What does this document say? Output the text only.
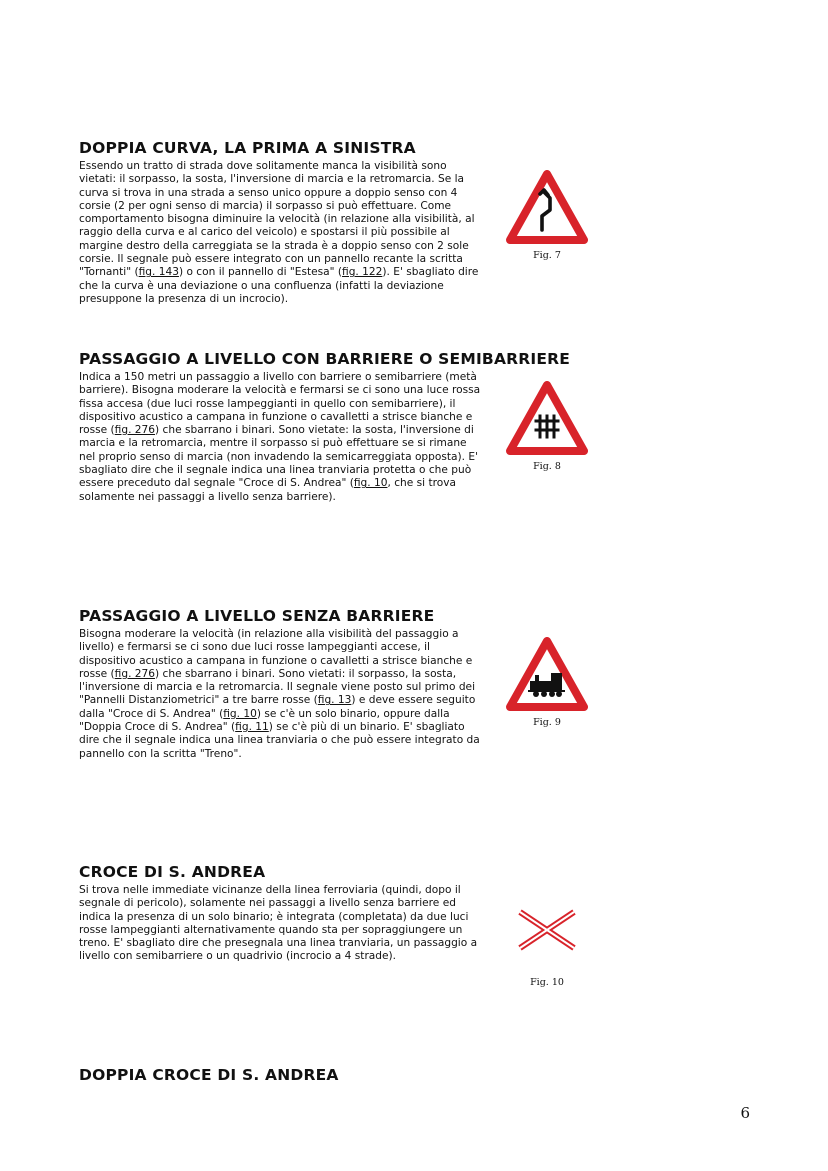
DOPPIA CURVA, LA PRIMA A SINISTRA

Essendo un tratto di strada dove solitamente manca la visibilità sono vietati: il sorpasso, la sosta, l'inversione di marcia e la retromarcia. Se la curva si trova in una strada a senso unico oppure a doppio senso con 4 corsie (2 per ogni senso di marcia) il sorpasso si può effettuare. Come comportamento bisogna diminuire la velocità (in relazione alla visibilità, al raggio della curva e al carico del veicolo) e spostarsi il più possibile al margine destro della carreggiata se la strada è a doppio senso con 2 sole corsie. Il segnale può essere integrato con un pannello recante la scritta "Tornanti" (fig. 143) o con il pannello di "Estesa" (fig. 122). E' sbagliato dire che la curva è una deviazione o una confluenza (infatti la deviazione presuppone la presenza di un incrocio).

Fig. 7
PASSAGGIO A LIVELLO CON BARRIERE O SEMIBARRIERE

Indica a 150 metri un passaggio a livello con barriere o semibarriere (metà barriere). Bisogna moderare la velocità e fermarsi se ci sono una luce rossa fissa accesa (due luci rosse lampeggianti in quello con semibarriere), il dispositivo acustico a campana in funzione o cavalletti a strisce bianche e rosse (fig. 276) che sbarrano i binari. Sono vietate: la sosta, l'inversione di marcia e la retromarcia, mentre il sorpasso si può effettuare se si rimane nel proprio senso di marcia (non invadendo la semicarreggiata opposta). E' sbagliato dire che il segnale indica una linea tranviaria protetta o che può essere preceduto dal segnale "Croce di S. Andrea" (fig. 10, che si trova solamente nei passaggi a livello senza barriere).

Fig. 8
PASSAGGIO A LIVELLO SENZA BARRIERE

Bisogna moderare la velocità (in relazione alla visibilità del passaggio a livello) e fermarsi se ci sono due luci rosse lampeggianti accese, il dispositivo acustico a campana in funzione o cavalletti a strisce bianche e rosse (fig. 276) che sbarrano i binari. Sono vietati: il sorpasso, la sosta, l'inversione di marcia e la retromarcia. Il segnale viene posto sul primo dei "Pannelli Distanziometrici" a tre barre rosse (fig. 13) e deve essere seguito dalla "Croce di S. Andrea" (fig. 10) se c'è un solo binario, oppure dalla "Doppia Croce di S. Andrea" (fig. 11) se c'è più di un binario. E' sbagliato dire che il segnale indica una linea tranviaria o che può essere integrato da pannello con la scritta "Treno".

Fig. 9
CROCE DI S. ANDREA

Si trova nelle immediate vicinanze della linea ferroviaria (quindi, dopo il segnale di pericolo), solamente nei passaggi a livello senza barriere ed indica la presenza di un solo binario; è integrata (completata) da due luci rosse lampeggianti alternativamente quando sta per sopraggiungere un treno. E' sbagliato dire che presegnala una linea tranviaria, un passaggio a livello con semibarriere o un quadrivio (incrocio a 4 strade).

Fig. 10
DOPPIA CROCE DI S. ANDREA
6
